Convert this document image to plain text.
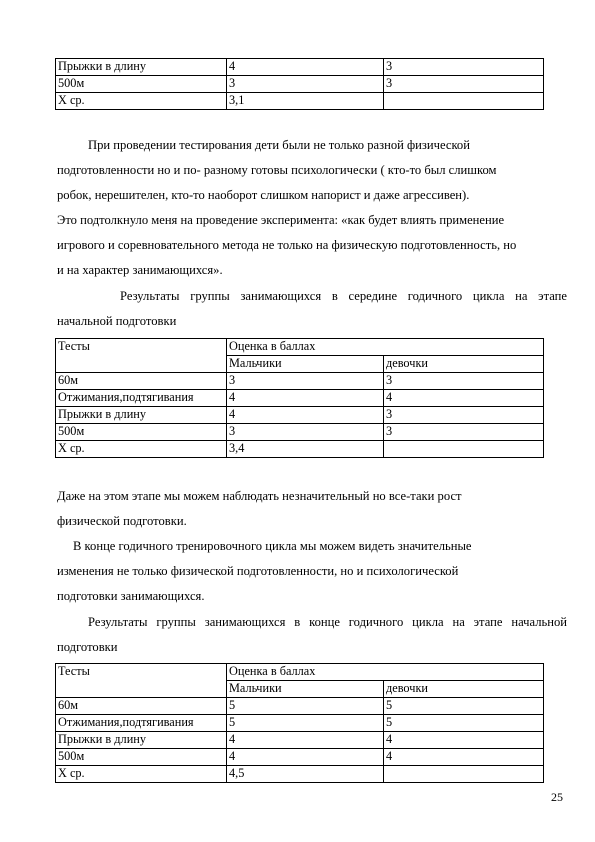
Прыжки в длину	4	3
500м	3	3
X ср.	3,1	
При проведении тестирования дети были не только разной физической
подготовленности но и по- разному готовы психологически ( кто-то был слишком
робок, нерешителен, кто-то наоборот слишком напорист и даже агрессивен).
Это подтолкнуло меня на проведение эксперимента: «как будет влиять применение
игрового и соревновательного метода не только на физическую подготовленность, но
и на характер занимающихся».
Результаты группы занимающихся в середине годичного цикла на этапе
начальной подготовки
Тесты	Оценка в баллах	
	Мальчики	девочки
60м	3	3
Отжимания,подтягивания	4	4
Прыжки в длину	4	3
500м	3	3
X ср.	3,4	
Даже на этом этапе мы можем наблюдать незначительный но все-таки рост
физической подготовки.
В конце годичного тренировочного цикла мы можем видеть значительные
изменения не только физической подготовленности, но и психологической
подготовки занимающихся.
Результаты группы занимающихся в конце годичного цикла на этапе начальной
подготовки
Тесты	Оценка в баллах	
	Мальчики	девочки
60м	5	5
Отжимания,подтягивания	5	5
Прыжки в длину	4	4
500м	4	4
X ср.	4,5	
25
